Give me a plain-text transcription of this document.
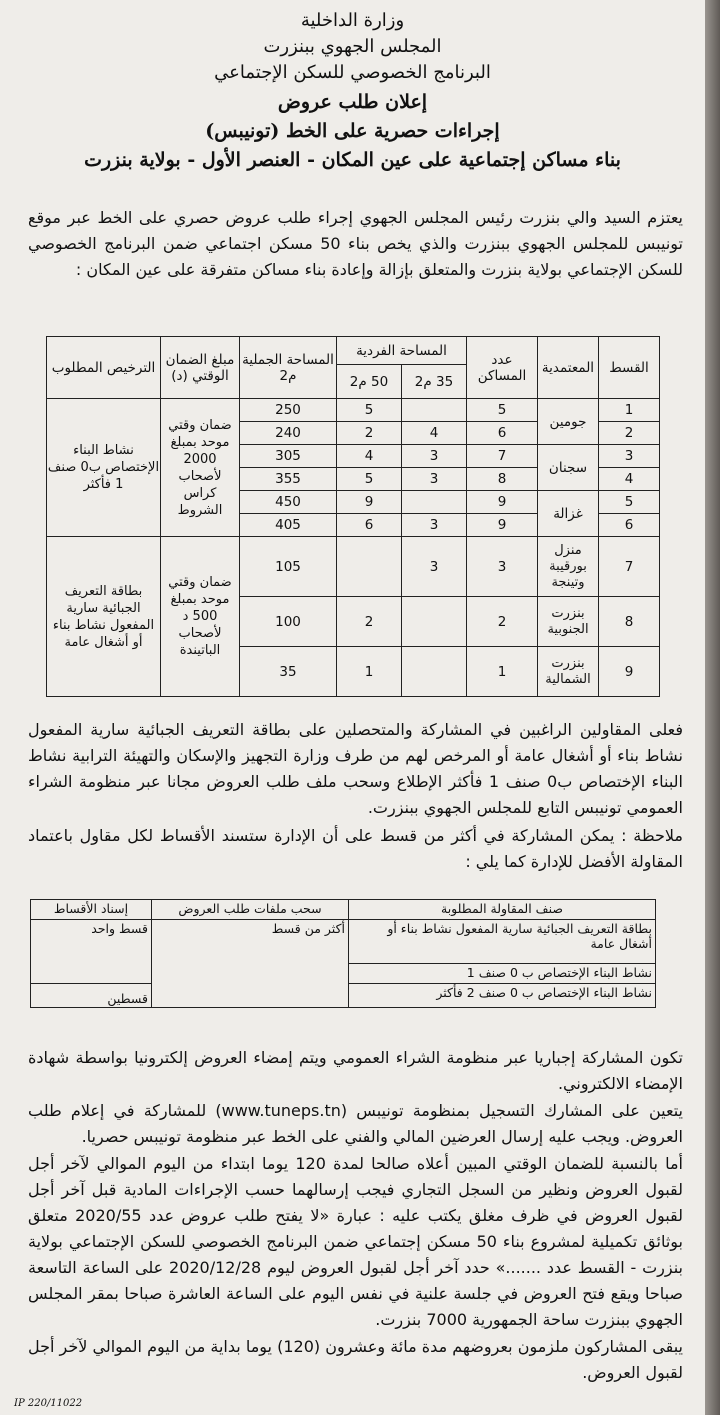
وزارة الداخلية
المجلس الجهوي ببنزرت
البرنامج الخصوصي للسكن الإجتماعي
إعلان طلب عروض
إجراءات حصرية على الخط (تونيبس)
بناء مساكن إجتماعية على عين المكان - العنصر الأول - بولاية بنزرت
يعتزم السيد والي بنزرت رئيس المجلس الجهوي إجراء طلب عروض حصري على الخط عبر موقع تونيبس للمجلس الجهوي ببنزرت والذي يخص بناء 50 مسكن اجتماعي ضمن البرنامج الخصوصي للسكن الإجتماعي بولاية بنزرت والمتعلق بإزالة وإعادة بناء مساكن متفرقة على عين المكان :
القسط	المعتمدية	عدد المساكن	المساحة الفردية		المساحة الجملية م2	مبلغ الضمان الوقتي (د)	الترخيص المطلوب
			35 م2	50 م2			
1	جومين	5		5	250	ضمان وقتي موحد بمبلغ 2000 لأصحاب كراس الشروط	نشاط البناء الإختصاص ب0 صنف 1 فأكثر
2		6	4	2	240		
3	سجنان	7	3	4	305		
4		8	3	5	355		
5	غزالة	9		9	450		
6		9	3	6	405		
7	منزل بورقيبة وتينجة	3	3		105	ضمان وقتي موحد بمبلغ 500 د لأصحاب الباتيندة	بطاقة التعريف الجبائية سارية المفعول نشاط بناء أو أشغال عامة
8	بنزرت الجنوبية	2		2	100		
9	بنزرت الشمالية	1		1	35		
فعلى المقاولين الراغبين في المشاركة والمتحصلين على بطاقة التعريف الجبائية سارية المفعول نشاط بناء أو أشغال عامة أو المرخص لهم من طرف وزارة التجهيز والإسكان والتهيئة الترابية نشاط البناء الإختصاص ب0 صنف 1 فأكثر الإطلاع وسحب ملف طلب العروض مجانا عبر منظومة الشراء العمومي تونيبس التابع للمجلس الجهوي ببنزرت.
ملاحظة : يمكن المشاركة في أكثر من قسط على أن الإدارة ستسند الأقساط لكل مقاول باعتماد المقاولة الأفضل للإدارة كما يلي :
صنف المقاولة المطلوبة	سحب ملفات طلب العروض	إسناد الأقساط
بطاقة التعريف الجبائية سارية المفعول نشاط بناء أو أشغال عامة	أكثر من قسط	قسط واحد
نشاط البناء الإختصاص ب 0 صنف 1		
نشاط البناء الإختصاص ب 0 صنف 2 فأكثر		قسطين
تكون المشاركة إجباريا عبر منظومة الشراء العمومي ويتم إمضاء العروض إلكترونيا بواسطة شهادة الإمضاء الالكتروني.
يتعين على المشارك التسجيل بمنظومة تونيبس (www.tuneps.tn) للمشاركة في إعلام طلب العروض. ويجب عليه إرسال العرضين المالي والفني على الخط عبر منظومة تونيبس حصريا.
أما بالنسبة للضمان الوقتي المبين أعلاه صالحا لمدة 120 يوما ابتداء من اليوم الموالي لآخر أجل لقبول العروض ونظير من السجل التجاري فيجب إرسالهما حسب الإجراءات المادية قبل آخر أجل لقبول العروض في ظرف مغلق يكتب عليه : عبارة «لا يفتح طلب عروض عدد 2020/55 متعلق بوثائق تكميلية لمشروع بناء 50 مسكن إجتماعي ضمن البرنامج الخصوصي للسكن الإجتماعي بولاية بنزرت - القسط عدد .......» حدد آخر أجل لقبول العروض ليوم 2020/12/28 على الساعة التاسعة صباحا ويقع فتح العروض في جلسة علنية في نفس اليوم على الساعة العاشرة صباحا بمقر المجلس الجهوي ببنزرت ساحة الجمهورية 7000 بنزرت.
يبقى المشاركون ملزمون بعروضهم مدة مائة وعشرون (120) يوما بداية من اليوم الموالي لآخر أجل لقبول العروض.
IP 220/11022
